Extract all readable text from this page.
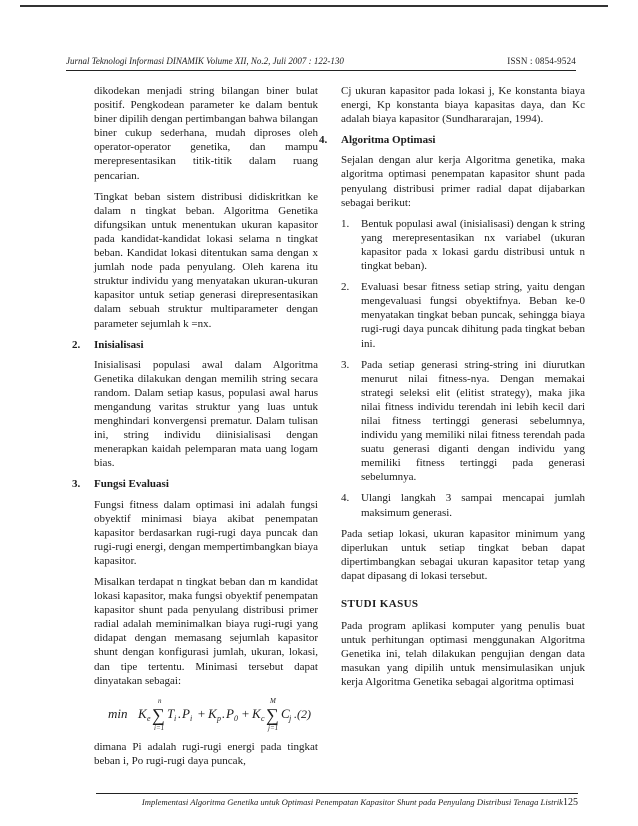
Jurnal Teknologi Informasi DINAMIK Volume XII, No.2, Juli 2007 : 122-130	ISSN : 0854-9524

dikodekan menjadi string bilangan biner bulat positif. Pengkodean parameter ke dalam bentuk biner dipilih dengan pertimbangan bahwa bilangan biner cukup sederhana, mudah diproses oleh operator-operator genetika, dan mampu merepresentasikan titik-titik dalam ruang pencarian.

Tingkat beban sistem distribusi didiskritkan ke dalam n tingkat beban. Algoritma Genetika difungsikan untuk menentukan ukuran kapasitor pada kandidat-kandidat lokasi selama n tingkat beban. Kandidat lokasi ditentukan sama dengan x jumlah node pada penyulang. Oleh karena itu struktur individu yang menyatakan ukuran-ukuran kapasitor untuk setiap generasi direpresentasikan dalam sebuah struktur multiparameter dengan parameter sejumlah k =nx.

2.	Inisialisasi

Inisialisasi populasi awal dalam Algoritma Genetika dilakukan dengan memilih string secara random. Dalam setiap kasus, populasi awal harus mengandung varitas struktur yang luas untuk menghindari konvergensi prematur. Dalam tulisan ini, string individu diinisialisasi dengan menerapkan kaidah pelemparan mata uang logam bias.

3.	Fungsi Evaluasi

Fungsi fitness dalam optimasi ini adalah fungsi obyektif minimasi biaya akibat penempatan kapasitor berdasarkan rugi-rugi daya puncak dan rugi-rugi energi, dengan mempertimbangkan biaya kapasitor.

Misalkan terdapat n tingkat beban dan m kandidat lokasi kapasitor, maka fungsi obyektif penempatan kapasitor shunt pada penyulang distribusi primer radial adalah meminimalkan biaya rugi-rugi yang didapat dengan memasang sejumlah kapasitor shunt dengan konfigurasi jumlah, ukuran, lokasi, dan tipe tertentu. Minimasi tersebut dapat dinyatakan sebagai:

min K e
n
∑
i=1
T i . P i + K p . P 0 + K c
M
∑
j=1
C j .(2)

dimana Pi adalah rugi-rugi energi pada tingkat beban i, Po rugi-rugi daya puncak,

Cj ukuran kapasitor pada lokasi j, Ke konstanta biaya energi, Kp konstanta biaya kapasitas daya, dan Kc adalah biaya kapasitor (Sundhararajan, 1994).

4.	Algoritma Optimasi

Sejalan dengan alur kerja Algoritma genetika, maka algoritma optimasi penempatan kapasitor shunt pada penyulang distribusi primer radial dapat dijabarkan sebagai berikut:

1.	Bentuk populasi awal (inisialisasi) dengan k string yang merepresentasikan nx variabel (ukuran kapasitor pada x lokasi gardu distribusi untuk n tingkat beban).
2.	Evaluasi besar fitness setiap string, yaitu dengan mengevaluasi fungsi obyektifnya. Beban ke-0 menyatakan tingkat beban puncak, sehingga biaya rugi-rugi daya puncak dihitung pada tingkat beban ini.
3.	Pada setiap generasi string-string ini diurutkan menurut nilai fitness-nya. Dengan memakai strategi seleksi elit (elitist strategy), maka jika nilai fitness individu terendah ini lebih kecil dari nilai fitness tertinggi generasi sebelumnya, individu yang memiliki nilai fitness terendah pada suatu generasi diganti dengan individu yang memiliki fitness tertinggi pada generasi sebelumnya.
4.	Ulangi langkah 3 sampai mencapai jumlah maksimum generasi.

Pada setiap lokasi, ukuran kapasitor minimum yang diperlukan untuk setiap tingkat beban dapat dipertimbangkan sebagai ukuran kapasitor tetap yang dapat dipasang di lokasi tersebut.

STUDI KASUS

Pada program aplikasi komputer yang penulis buat untuk perhitungan optimasi menggunakan Algoritma Genetika ini, telah dilakukan pengujian dengan data masukan yang dipilih untuk mensimulasikan unjuk kerja Algoritma Genetika sebagai algoritma optimasi

Implementasi Algoritma Genetika untuk Optimasi Penempatan Kapasitor Shunt pada Penyulang Distribusi Tenaga Listrik125
